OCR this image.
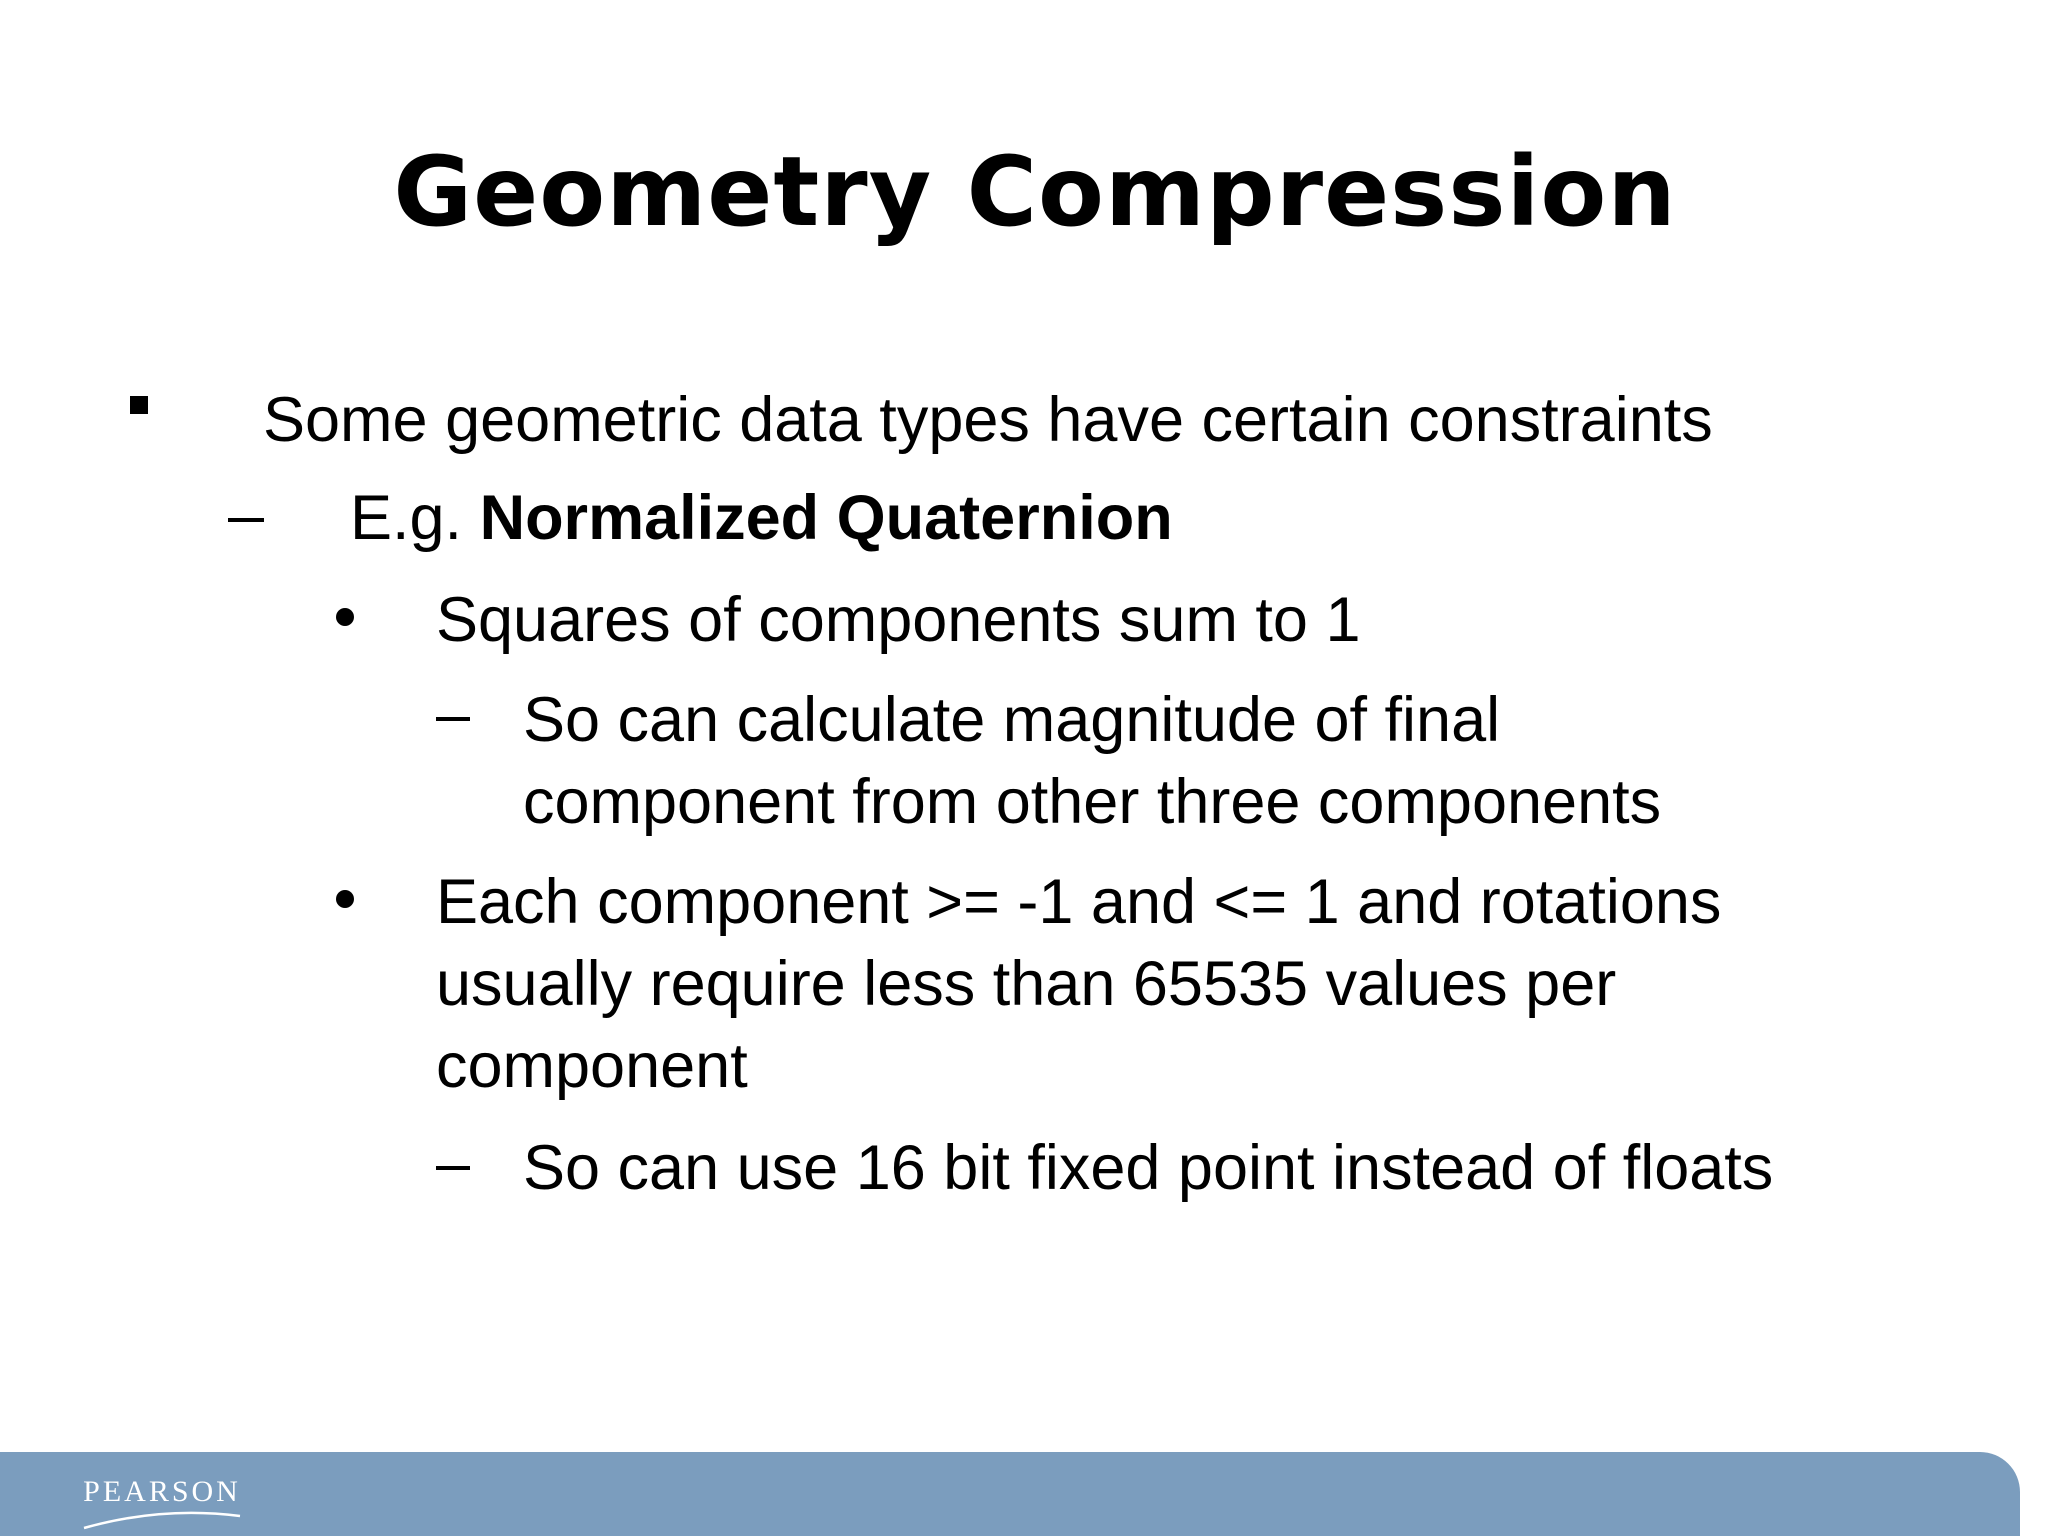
Geometry Compression
Some geometric data types have certain constraints
E.g. Normalized Quaternion
Squares of components sum to 1
So can calculate magnitude of final
component from other three components
Each component >= -1 and <= 1 and rotations
usually require less than 65535 values per
component
So can use 16 bit fixed point instead of floats
PEARSON
